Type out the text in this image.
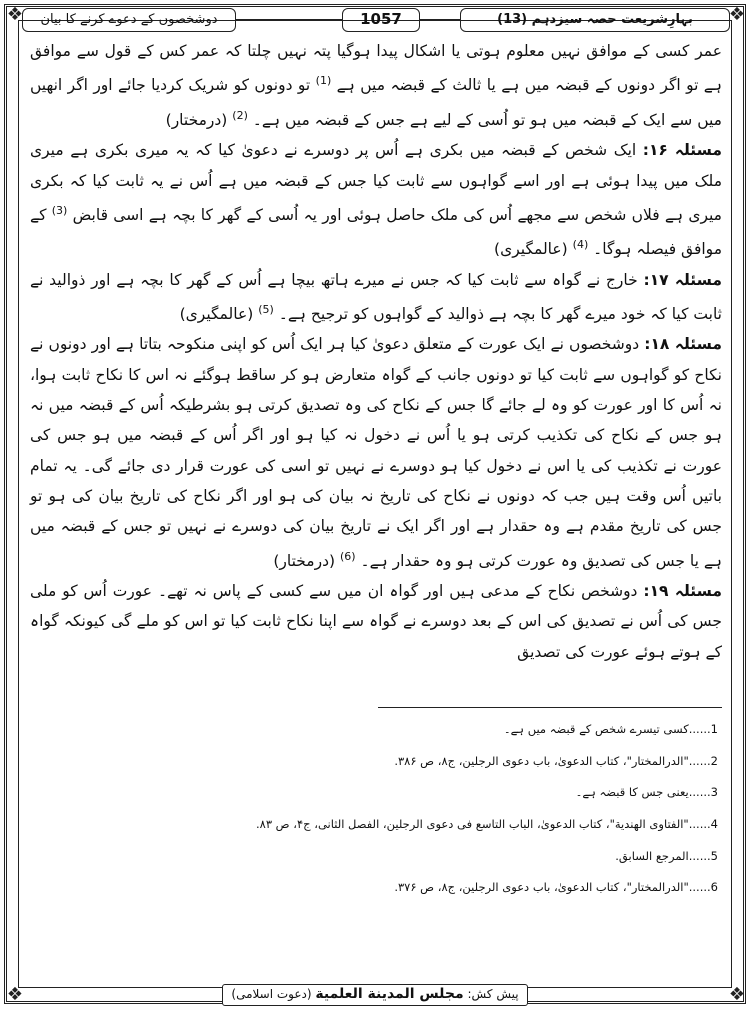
❖	❖
❖	❖
بہارِشریعت حصہ سیزدہم (13)
1057
دوشخصوں کے دعوے کرنے کا بیان

عمر کسی کے موافق نہیں معلوم ہوتی یا اشکال پیدا ہوگیا پتہ نہیں چلتا کہ عمر کس کے قول سے موافق ہے تو اگر دونوں کے قبضہ میں ہے یا ثالث کے قبضہ میں ہے $^{(1)}$ تو دونوں کو شریک کردیا جائے اور اگر انھیں میں سے ایک کے قبضہ میں ہو تو اُسی کے لیے ہے جس کے قبضہ میں ہے۔ $^{(2)}$ (درمختار)

مسئلہ ۱۶: ایک شخص کے قبضہ میں بکری ہے اُس پر دوسرے نے دعویٰ کیا کہ یہ میری بکری ہے میری ملک میں پیدا ہوئی ہے اور اسے گواہوں سے ثابت کیا جس کے قبضہ میں ہے اُس نے یہ ثابت کیا کہ بکری میری ہے فلاں شخص سے مجھے اُس کی ملک حاصل ہوئی اور یہ اُسی کے گھر کا بچہ ہے اسی قابض $^{(3)}$ کے موافق فیصلہ ہوگا۔ $^{(4)}$ (عالمگیری)

مسئلہ ۱۷: خارج نے گواہ سے ثابت کیا کہ جس نے میرے ہاتھ بیچا ہے اُس کے گھر کا بچہ ہے اور ذوالید نے ثابت کیا کہ خود میرے گھر کا بچہ ہے ذوالید کے گواہوں کو ترجیح ہے۔ $^{(5)}$ (عالمگیری)

مسئلہ ۱۸: دوشخصوں نے ایک عورت کے متعلق دعویٰ کیا ہر ایک اُس کو اپنی منکوحہ بتاتا ہے اور دونوں نے نکاح کو گواہوں سے ثابت کیا تو دونوں جانب کے گواہ متعارض ہو کر ساقط ہوگئے نہ اس کا نکاح ثابت ہوا، نہ اُس کا اور عورت کو وہ لے جائے گا جس کے نکاح کی وہ تصدیق کرتی ہو بشرطیکہ اُس کے قبضہ میں نہ ہو جس کے نکاح کی تکذیب کرتی ہو یا اُس نے دخول نہ کیا ہو اور اگر اُس کے قبضہ میں ہو جس کی عورت نے تکذیب کی یا اس نے دخول کیا ہو دوسرے نے نہیں تو اسی کی عورت قرار دی جائے گی۔ یہ تمام باتیں اُس وقت ہیں جب کہ دونوں نے نکاح کی تاریخ نہ بیان کی ہو اور اگر نکاح کی تاریخ بیان کی ہو تو جس کی تاریخ مقدم ہے وہ حقدار ہے اور اگر ایک نے تاریخ بیان کی دوسرے نے نہیں تو جس کے قبضہ میں ہے یا جس کی تصدیق وہ عورت کرتی ہو وہ حقدار ہے۔ $^{(6)}$ (درمختار)

مسئلہ ۱۹: دوشخص نکاح کے مدعی ہیں اور گواہ ان میں سے کسی کے پاس نہ تھے۔ عورت اُس کو ملی جس کی اُس نے تصدیق کی اس کے بعد دوسرے نے گواہ سے اپنا نکاح ثابت کیا تو اس کو ملے گی کیونکہ گواہ کے ہوتے ہوئے عورت کی تصدیق

1......کسی تیسرے شخص کے قبضہ میں ہے۔
2......"الدرالمختار"، کتاب الدعویٰ، باب دعوی الرجلین، ج۸، ص ۳۸۶.
3......یعنی جس کا قبضہ ہے۔
4......"الفتاوی الهندية"، کتاب الدعویٰ، الباب التاسع فی دعوی الرجلین، الفصل الثانی، ج۴، ص ۸۳.
5......المرجع السابق.
6......"الدرالمختار"، کتاب الدعویٰ، باب دعوی الرجلین، ج۸، ص ۳۷۶.
پیش کش: مجلس المدینة العلمیة (دعوت اسلامی)
